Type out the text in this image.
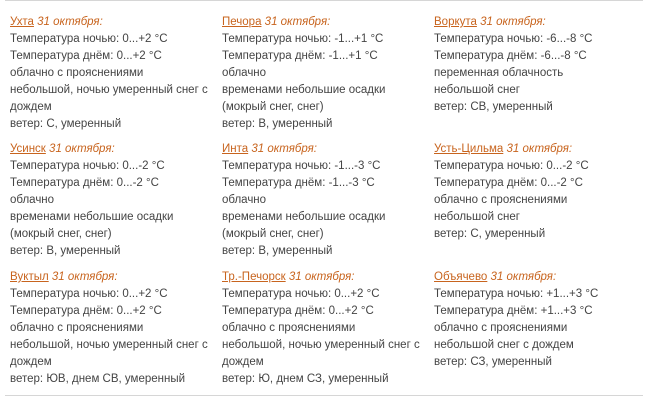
Ухта 31 октября:
Температура ночью: 0...+2 °C
Температура днём: 0...+2 °C
облачно с прояснениями
небольшой, ночью умеренный снег с дождем
ветер: С, умеренный
Печора 31 октября:
Температура ночью: -1...+1 °C
Температура днём: -1...+1 °C
облачно
временами небольшие осадки (мокрый снег, снег)
ветер: В, умеренный
Воркута 31 октября:
Температура ночью: -6...-8 °C
Температура днём: -6...-8 °C
переменная облачность
небольшой снег
ветер: СВ, умеренный
Усинск 31 октября:
Температура ночью: 0...-2 °C
Температура днём: 0...-2 °C
облачно
временами небольшие осадки (мокрый снег, снег)
ветер: В, умеренный
Инта 31 октября:
Температура ночью: -1...-3 °C
Температура днём: -1...-3 °C
облачно
временами небольшие осадки (мокрый снег, снег)
ветер: В, умеренный
Усть-Цильма 31 октября:
Температура ночью: 0...-2 °C
Температура днём: 0...-2 °C
облачно с прояснениями
небольшой снег
ветер: С, умеренный
Вуктыл 31 октября:
Температура ночью: 0...+2 °C
Температура днём: 0...+2 °C
облачно с прояснениями
небольшой, ночью умеренный снег с дождем
ветер: ЮВ, днем СВ, умеренный
Тр.-Печорск 31 октября:
Температура ночью: 0...+2 °C
Температура днём: 0...+2 °C
облачно с прояснениями
небольшой, ночью умеренный снег с дождем
ветер: Ю, днем СЗ, умеренный
Объячево 31 октября:
Температура ночью: +1...+3 °C
Температура днём: +1...+3 °C
облачно с прояснениями
небольшой снег с дождем
ветер: СЗ, умеренный
